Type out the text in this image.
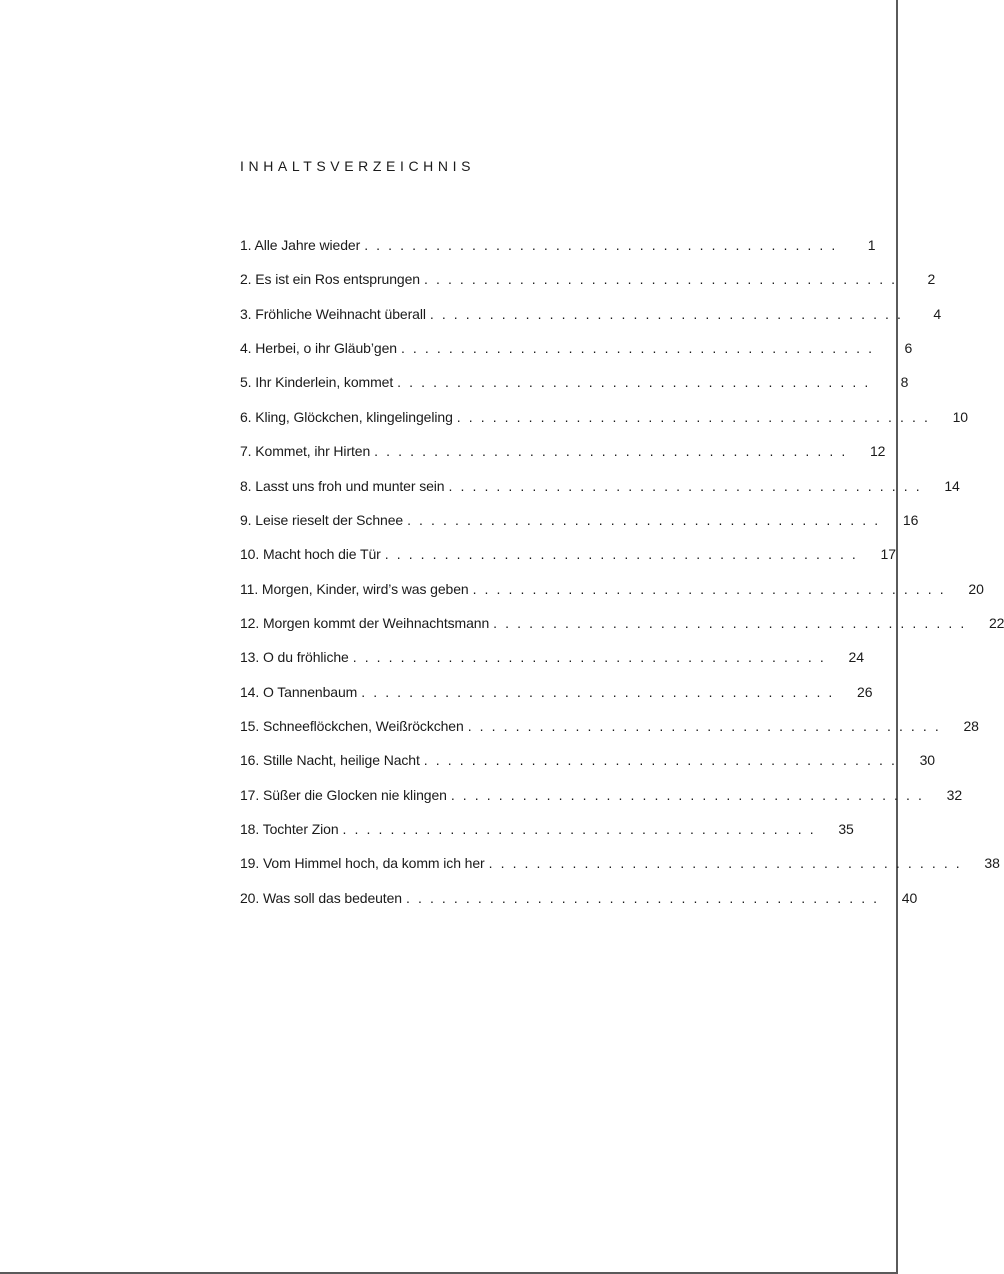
INHALTSVERZEICHNIS
1. Alle Jahre wieder . . . . . . . . . . . . . . . . . . . . . . . . . . . . . . . . . . . . . . . .	1
2. Es ist ein Ros entsprungen . . . . . . . . . . . . . . . . . . . . . . . . . . . . . . . . . . . . . . . .	2
3. Fröhliche Weihnacht überall . . . . . . . . . . . . . . . . . . . . . . . . . . . . . . . . . . . . . . . .	4
4. Herbei, o ihr Gläub’gen . . . . . . . . . . . . . . . . . . . . . . . . . . . . . . . . . . . . . . . .	6
5. Ihr Kinderlein, kommet . . . . . . . . . . . . . . . . . . . . . . . . . . . . . . . . . . . . . . . .	8
6. Kling, Glöckchen, klingelingeling . . . . . . . . . . . . . . . . . . . . . . . . . . . . . . . . . . . . . . . .	10
7. Kommet, ihr Hirten . . . . . . . . . . . . . . . . . . . . . . . . . . . . . . . . . . . . . . . .	12
8. Lasst uns froh und munter sein . . . . . . . . . . . . . . . . . . . . . . . . . . . . . . . . . . . . . . . .	14
9. Leise rieselt der Schnee . . . . . . . . . . . . . . . . . . . . . . . . . . . . . . . . . . . . . . . .	16
10. Macht hoch die Tür . . . . . . . . . . . . . . . . . . . . . . . . . . . . . . . . . . . . . . . .	17
11. Morgen, Kinder, wird’s was geben . . . . . . . . . . . . . . . . . . . . . . . . . . . . . . . . . . . . . . . .	20
12. Morgen kommt der Weihnachtsmann . . . . . . . . . . . . . . . . . . . . . . . . . . . . . . . . . . . . . . . .	22
13. O du fröhliche . . . . . . . . . . . . . . . . . . . . . . . . . . . . . . . . . . . . . . . .	24
14. O Tannenbaum . . . . . . . . . . . . . . . . . . . . . . . . . . . . . . . . . . . . . . . .	26
15. Schneeflöckchen, Weißröckchen . . . . . . . . . . . . . . . . . . . . . . . . . . . . . . . . . . . . . . . .	28
16. Stille Nacht, heilige Nacht . . . . . . . . . . . . . . . . . . . . . . . . . . . . . . . . . . . . . . . .	30
17. Süßer die Glocken nie klingen . . . . . . . . . . . . . . . . . . . . . . . . . . . . . . . . . . . . . . . .	32
18. Tochter Zion . . . . . . . . . . . . . . . . . . . . . . . . . . . . . . . . . . . . . . . .	35
19. Vom Himmel hoch, da komm ich her . . . . . . . . . . . . . . . . . . . . . . . . . . . . . . . . . . . . . . . .	38
20. Was soll das bedeuten . . . . . . . . . . . . . . . . . . . . . . . . . . . . . . . . . . . . . . . .	40
